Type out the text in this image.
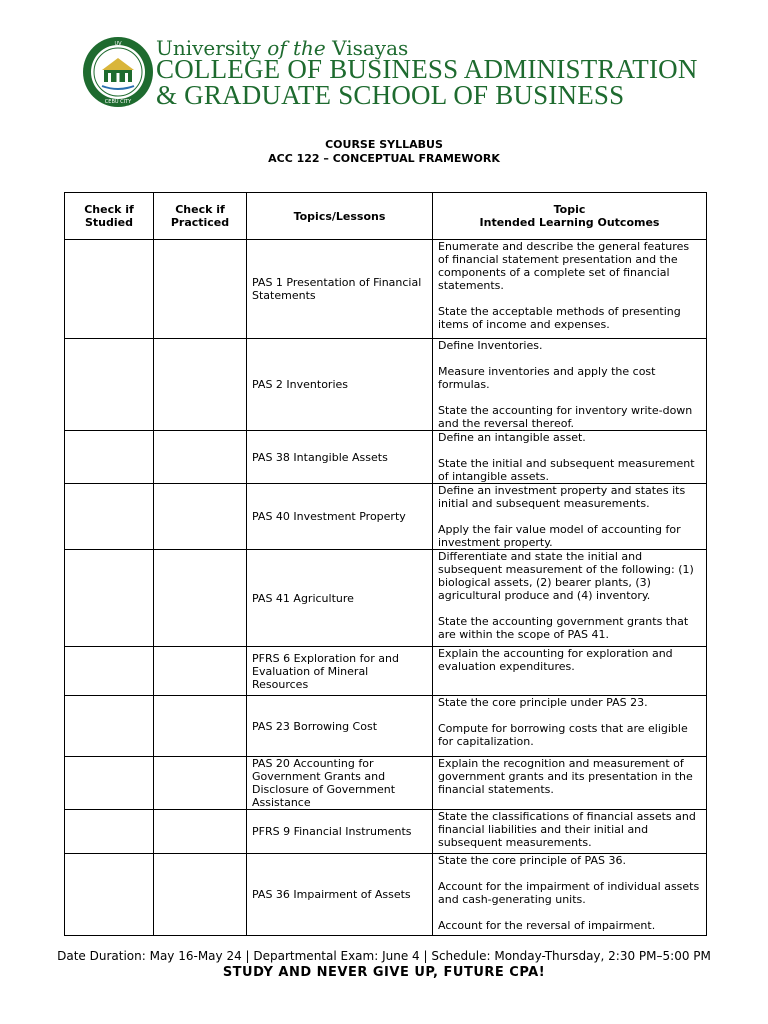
UV
CEBU CITY
University of the Visayas
COLLEGE OF BUSINESS ADMINISTRATION
& GRADUATE SCHOOL OF BUSINESS
COURSE SYLLABUS
ACC 122 – CONCEPTUAL FRAMEWORK
Check if Studied	Check if Practiced	Topics/Lessons	Topic
Intended Learning Outcomes

		PAS 1 Presentation of Financial Statements	Enumerate and describe the general features of financial statement presentation and the components of a complete set of financial statements.

State the acceptable methods of presenting items of income and expenses.

		PAS 2 Inventories	Define Inventories.

Measure inventories and apply the cost formulas.

State the accounting for inventory write-down and the reversal thereof.

		PAS 38 Intangible Assets	Define an intangible asset.

State the initial and subsequent measurement of intangible assets.

		PAS 40 Investment Property	Define an investment property and states its initial and subsequent measurements.

Apply the fair value model of accounting for investment property.

		PAS 41 Agriculture	Differentiate and state the initial and subsequent measurement of the following: (1) biological assets, (2) bearer plants, (3) agricultural produce and (4) inventory.

State the accounting government grants that are within the scope of PAS 41.

		PFRS 6 Exploration for and Evaluation of Mineral Resources	Explain the accounting for exploration and evaluation expenditures.

		PAS 23 Borrowing Cost	State the core principle under PAS 23.

Compute for borrowing costs that are eligible for capitalization.

		PAS 20 Accounting for Government Grants and Disclosure of Government Assistance	Explain the recognition and measurement of government grants and its presentation in the financial statements.

		PFRS 9 Financial Instruments	State the classifications of financial assets and financial liabilities and their initial and subsequent measurements.

		PAS 36 Impairment of Assets	State the core principle of PAS 36.

Account for the impairment of individual assets and cash-generating units.

Account for the reversal of impairment.

Date Duration: May 16-May 24 | Departmental Exam: June 4 | Schedule: Monday-Thursday, 2:30 PM–5:00 PM
STUDY AND NEVER GIVE UP, FUTURE CPA!
